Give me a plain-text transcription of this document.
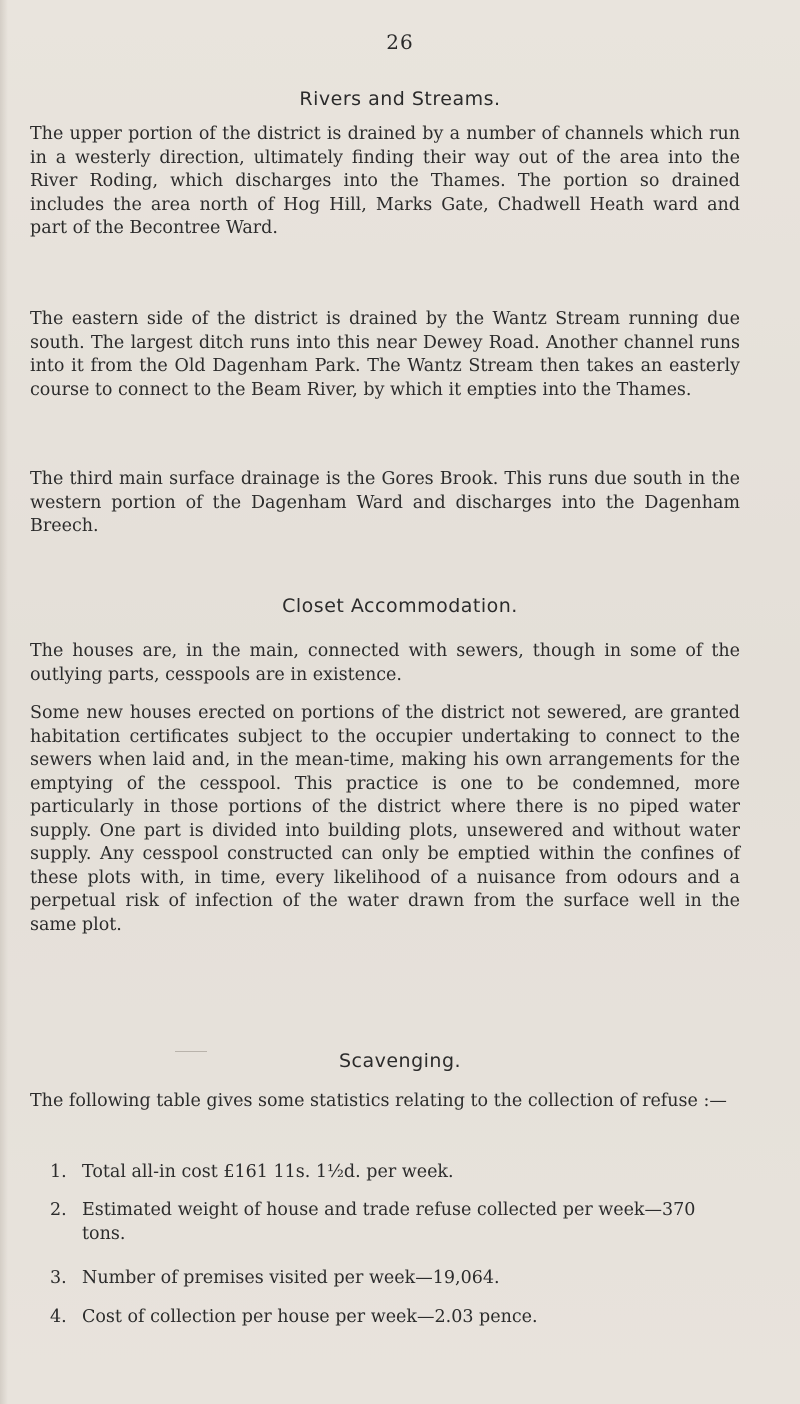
26
Rivers and Streams.

The upper portion of the district is drained by a number of channels which run in a westerly direction, ultimately finding their way out of the area into the River Roding, which discharges into the Thames. The portion so drained includes the area north of Hog Hill, Marks Gate, Chadwell Heath ward and part of the Becontree Ward.

The eastern side of the district is drained by the Wantz Stream running due south. The largest ditch runs into this near Dewey Road. Another channel runs into it from the Old Dagenham Park. The Wantz Stream then takes an easterly course to connect to the Beam River, by which it empties into the Thames.

The third main surface drainage is the Gores Brook. This runs due south in the western portion of the Dagenham Ward and discharges into the Dagenham Breech.

Closet Accommodation.

The houses are, in the main, connected with sewers, though in some of the outlying parts, cesspools are in existence.

Some new houses erected on portions of the district not sewered, are granted habitation certificates subject to the occupier undertaking to connect to the sewers when laid and, in the mean-time, making his own arrangements for the emptying of the cesspool. This practice is one to be condemned, more particularly in those portions of the district where there is no piped water supply. One part is divided into building plots, unsewered and without water supply. Any cesspool constructed can only be emptied within the confines of these plots with, in time, every likelihood of a nuisance from odours and a perpetual risk of infection of the water drawn from the surface well in the same plot.

Scavenging.

The following table gives some statistics relating to the collection of refuse :—

1. Total all-in cost £161 11s. 1½d. per week.
2. Estimated weight of house and trade refuse collected per week—370 tons.
3. Number of premises visited per week—19,064.
4. Cost of collection per house per week—2.03 pence.
